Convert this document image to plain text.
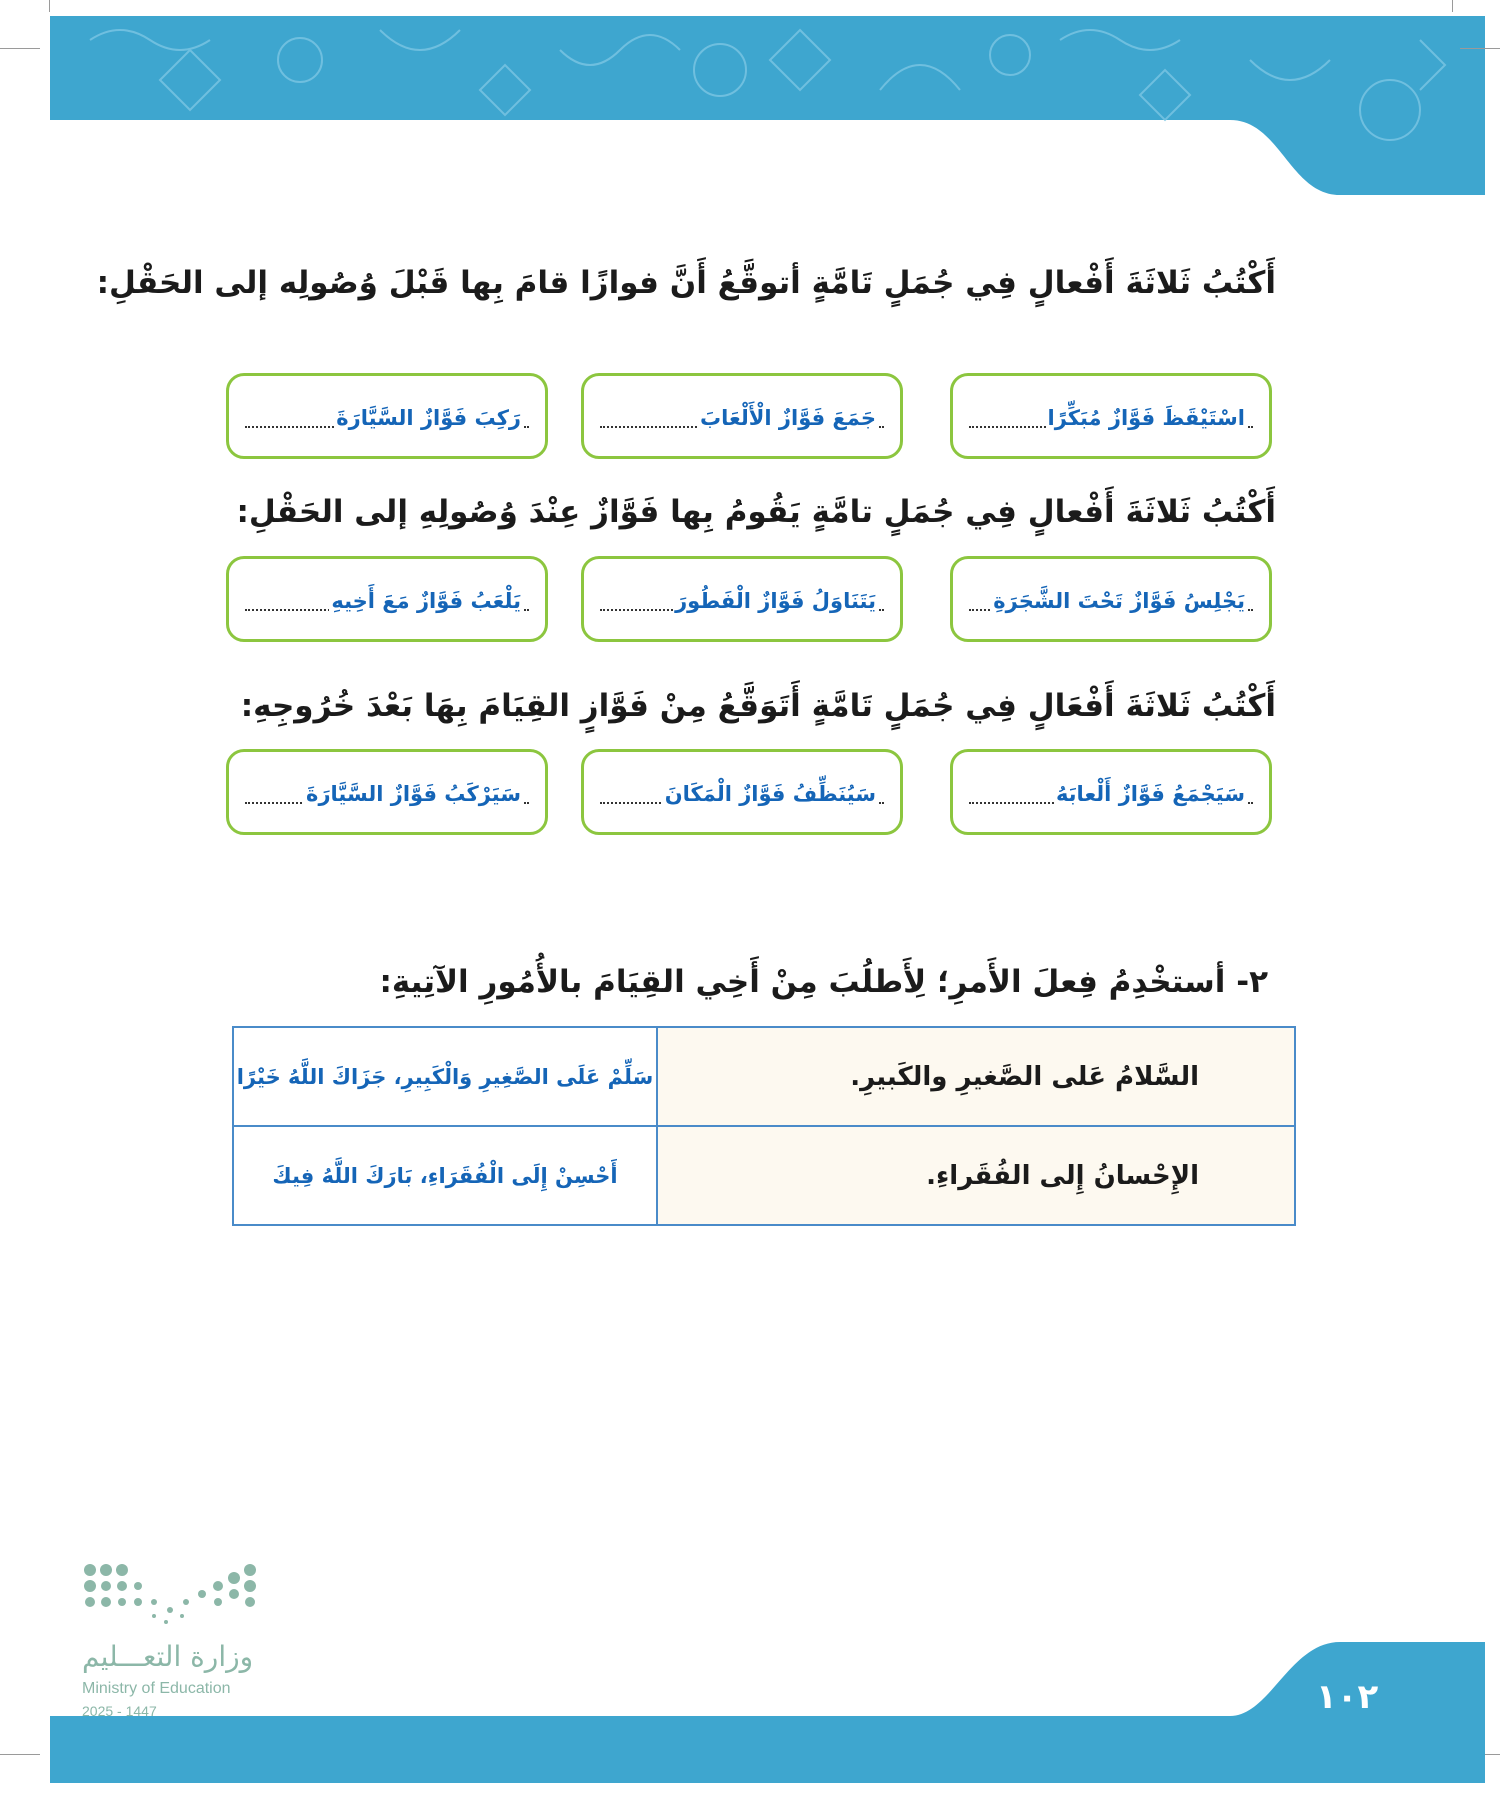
أَكْتُبُ ثَلاثَةَ أَفْعالٍ فِي جُمَلٍ تَامَّةٍ أتوقَّعُ أَنَّ فوازًا قامَ بِها قَبْلَ وُصُولِه إلى الحَقْلِ:
اسْتَيْقَظَ فَوَّازٌ مُبَكِّرًا
جَمَعَ فَوَّازٌ الْأَلْعَابَ
رَكِبَ فَوَّازٌ السَّيَّارَةَ
أَكْتُبُ ثَلاثَةَ أَفْعالٍ فِي جُمَلٍ تامَّةٍ يَقُومُ بِها فَوَّازٌ عِنْدَ وُصُولِهِ إلى الحَقْلِ:
يَجْلِسُ فَوَّازٌ تَحْتَ الشَّجَرَةِ
يَتَنَاوَلُ فَوَّازٌ الْفَطُورَ
يَلْعَبُ فَوَّازٌ مَعَ أَخِيهِ
أَكْتُبُ ثَلاثَةَ أَفْعَالٍ فِي جُمَلٍ تَامَّةٍ أَتَوَقَّعُ مِنْ فَوَّازٍ القِيَامَ بِهَا بَعْدَ خُرُوجِهِ:
سَيَجْمَعُ فَوَّازٌ أَلْعابَهُ
سَيُنَظِّفُ فَوَّازٌ الْمَكَانَ
سَيَرْكَبُ فَوَّازٌ السَّيَّارَةَ
٢- أستخْدِمُ فِعلَ الأَمرِ؛ لِأَطلُبَ مِنْ أَخِي القِيَامَ بالأُمُورِ الآتِيةِ:
السَّلامُ عَلى الصَّغيرِ والكَبيرِ.	سَلِّمْ عَلَى الصَّغِيرِ وَالْكَبِيرِ، جَزَاكَ اللَّهُ خَيْرًا
الإِحْسانُ إِلى الفُقَراءِ.	أَحْسِنْ إِلَى الْفُقَرَاءِ، بَارَكَ اللَّهُ فِيكَ
١٠٢
وزارة التعـــليم
Ministry of Education
2025 - 1447
